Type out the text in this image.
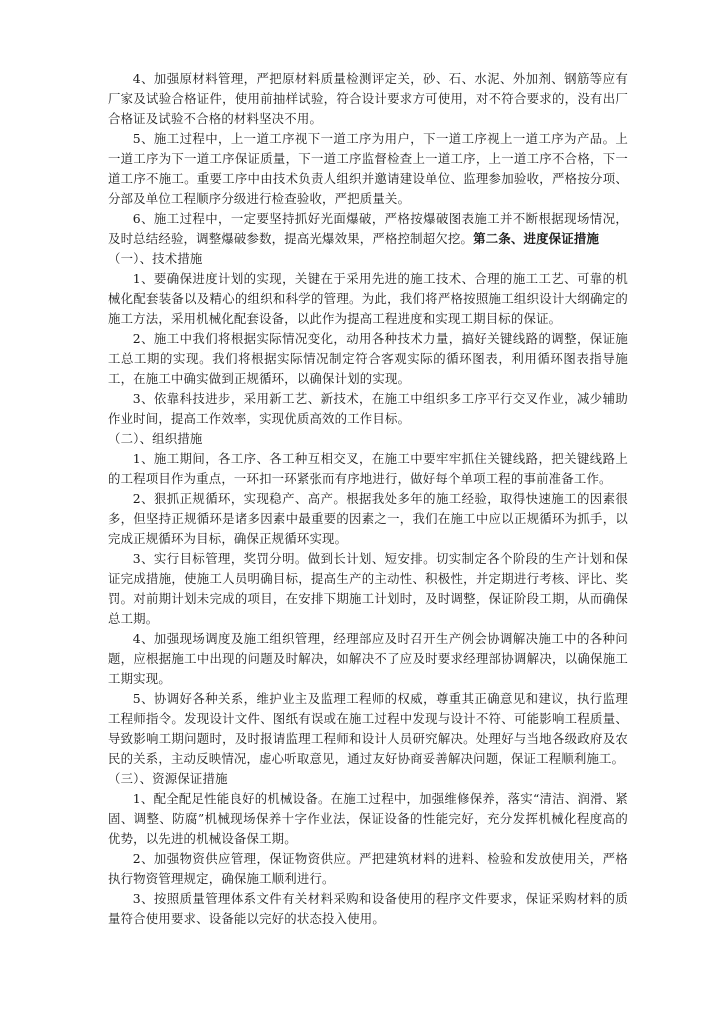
4、加强原材料管理，严把原材料质量检测评定关，砂、石、水泥、外加剂、钢筋等应有厂家及试验合格证件，使用前抽样试验，符合设计要求方可使用，对不符合要求的，没有出厂合格证及试验不合格的材料坚决不用。

5、施工过程中，上一道工序视下一道工序为用户，下一道工序视上一道工序为产品。上一道工序为下一道工序保证质量，下一道工序监督检查上一道工序，上一道工序不合格，下一道工序不施工。重要工序中由技术负责人组织并邀请建设单位、监理参加验收，严格按分项、分部及单位工程顺序分级进行检查验收，严把质量关。

6、施工过程中，一定要坚持抓好光面爆破，严格按爆破图表施工并不断根据现场情况，及时总结经验，调整爆破参数，提高光爆效果，严格控制超欠挖。第二条、进度保证措施

（一）、技术措施

1、要确保进度计划的实现，关键在于采用先进的施工技术、合理的施工工艺、可靠的机械化配套装备以及精心的组织和科学的管理。为此，我们将严格按照施工组织设计大纲确定的施工方法，采用机械化配套设备，以此作为提高工程进度和实现工期目标的保证。

2、施工中我们将根据实际情况变化，动用各种技术力量，搞好关键线路的调整，保证施工总工期的实现。我们将根据实际情况制定符合客观实际的循环图表，利用循环图表指导施工，在施工中确实做到正规循环，以确保计划的实现。

3、依靠科技进步，采用新工艺、新技术，在施工中组织多工序平行交叉作业，减少辅助作业时间，提高工作效率，实现优质高效的工作目标。

（二）、组织措施

1、施工期间，各工序、各工种互相交叉，在施工中要牢牢抓住关键线路，把关键线路上的工程项目作为重点，一环扣一环紧张而有序地进行，做好每个单项工程的事前准备工作。

2、狠抓正规循环，实现稳产、高产。根据我处多年的施工经验，取得快速施工的因素很多，但坚持正规循环是诸多因素中最重要的因素之一，我们在施工中应以正规循环为抓手，以完成正规循环为目标，确保正规循环实现。

3、实行目标管理，奖罚分明。做到长计划、短安排。切实制定各个阶段的生产计划和保证完成措施，使施工人员明确目标，提高生产的主动性、积极性，并定期进行考核、评比、奖罚。对前期计划未完成的项目，在安排下期施工计划时，及时调整，保证阶段工期，从而确保总工期。

4、加强现场调度及施工组织管理，经理部应及时召开生产例会协调解决施工中的各种问题，应根据施工中出现的问题及时解决，如解决不了应及时要求经理部协调解决，以确保施工工期实现。

5、协调好各种关系，维护业主及监理工程师的权威，尊重其正确意见和建议，执行监理工程师指令。发现设计文件、图纸有误或在施工过程中发现与设计不符、可能影响工程质量、导致影响工期问题时，及时报请监理工程师和设计人员研究解决。处理好与当地各级政府及农民的关系，主动反映情况，虚心听取意见，通过友好协商妥善解决问题，保证工程顺利施工。

（三）、资源保证措施

1、配全配足性能良好的机械设备。在施工过程中，加强维修保养，落实“清洁、润滑、紧固、调整、防腐”机械现场保养十字作业法，保证设备的性能完好，充分发挥机械化程度高的优势，以先进的机械设备保工期。

2、加强物资供应管理，保证物资供应。严把建筑材料的进料、检验和发放使用关，严格执行物资管理规定，确保施工顺利进行。

3、按照质量管理体系文件有关材料采购和设备使用的程序文件要求，保证采购材料的质量符合使用要求、设备能以完好的状态投入使用。
